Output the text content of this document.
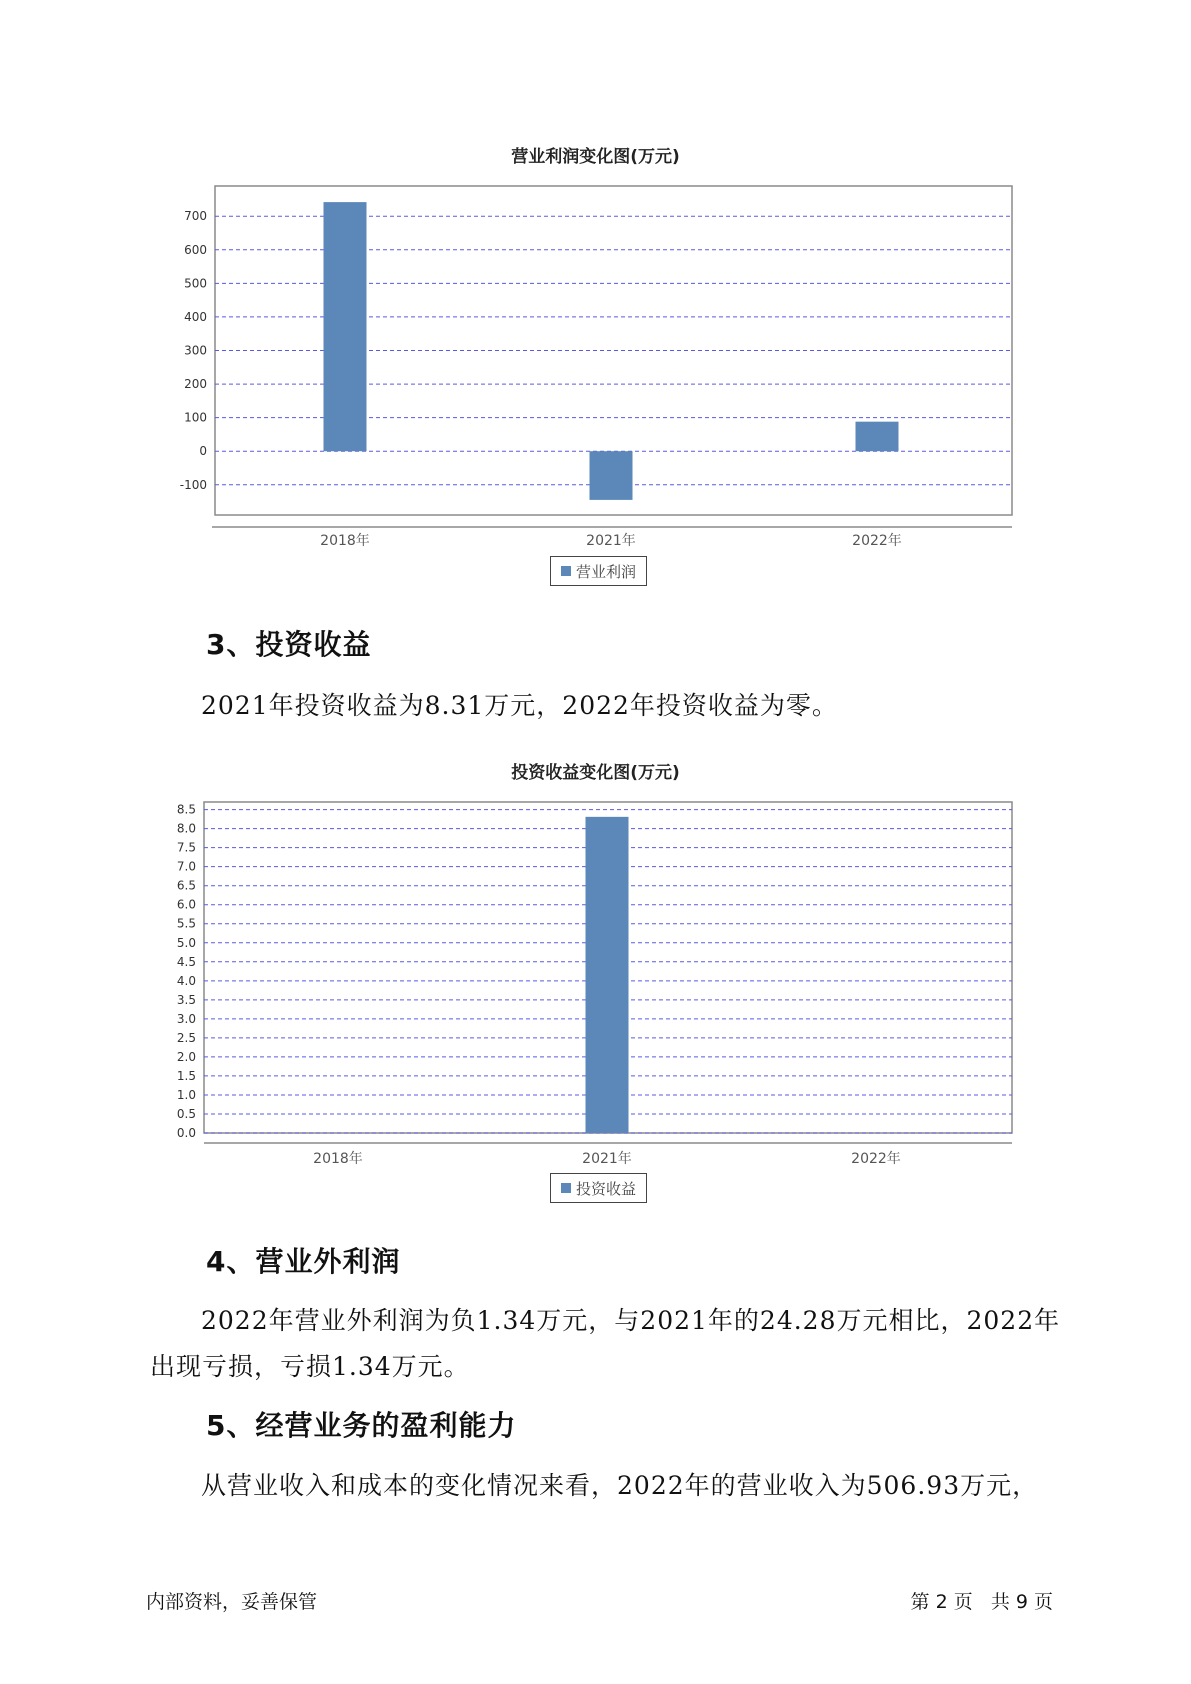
营业利润变化图(万元)
-100
0
100
200
300
400
500
600
700
2018年	2021年	2022年
营业利润
3、投资收益
2021年投资收益为8.31万元，2022年投资收益为零。
投资收益变化图(万元)
0.0
0.5
1.0
1.5
2.0
2.5
3.0
3.5
4.0
4.5
5.0
5.5
6.0
6.5
7.0
7.5
8.0
8.5
2018年	2021年	2022年
投资收益
4、营业外利润
2022年营业外利润为负1.34万元，与2021年的24.28万元相比，2022年出现亏损，亏损1.34万元。
5、经营业务的盈利能力
从营业收入和成本的变化情况来看，2022年的营业收入为506.93万元，
内部资料，妥善保管	第 2 页   共 9 页
